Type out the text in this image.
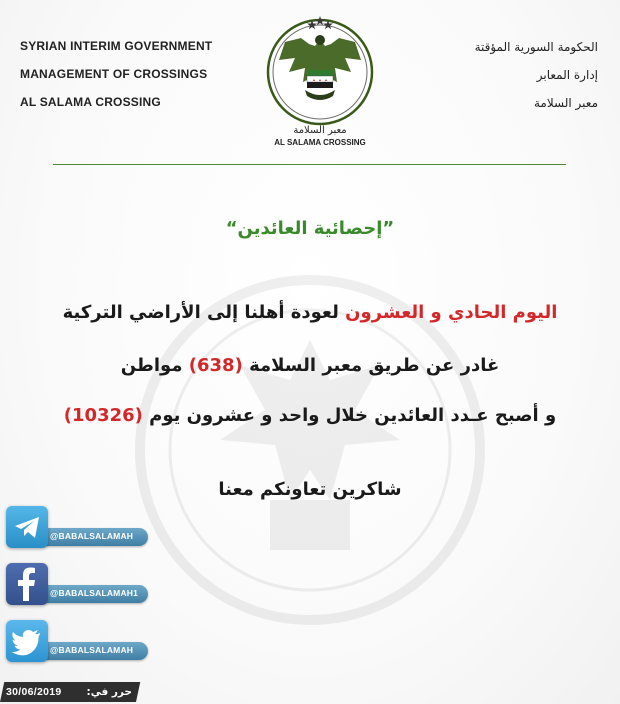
SYRIAN INTERIM GOVERNMENT
MANAGEMENT OF CROSSINGS
AL SALAMA CROSSING
الحكومة السورية المؤقتة
إدارة المعابر
معبر السلامة
معبر السلامة
AL SALAMA CROSSING
”إحصائية العائدين“
اليوم الحادي و العشرون لعودة أهلنا إلى الأراضي التركية
غادر عن طريق معبر السلامة (638) مواطن
و أصبح عـدد العائدين خلال واحد و عشرون يوم (10326)
شاكرين تعاونكم معنا
@BABALSALAMAH
@BABALSALAMAH1
@BABALSALAMAH
30/06/2019 حرر في:
